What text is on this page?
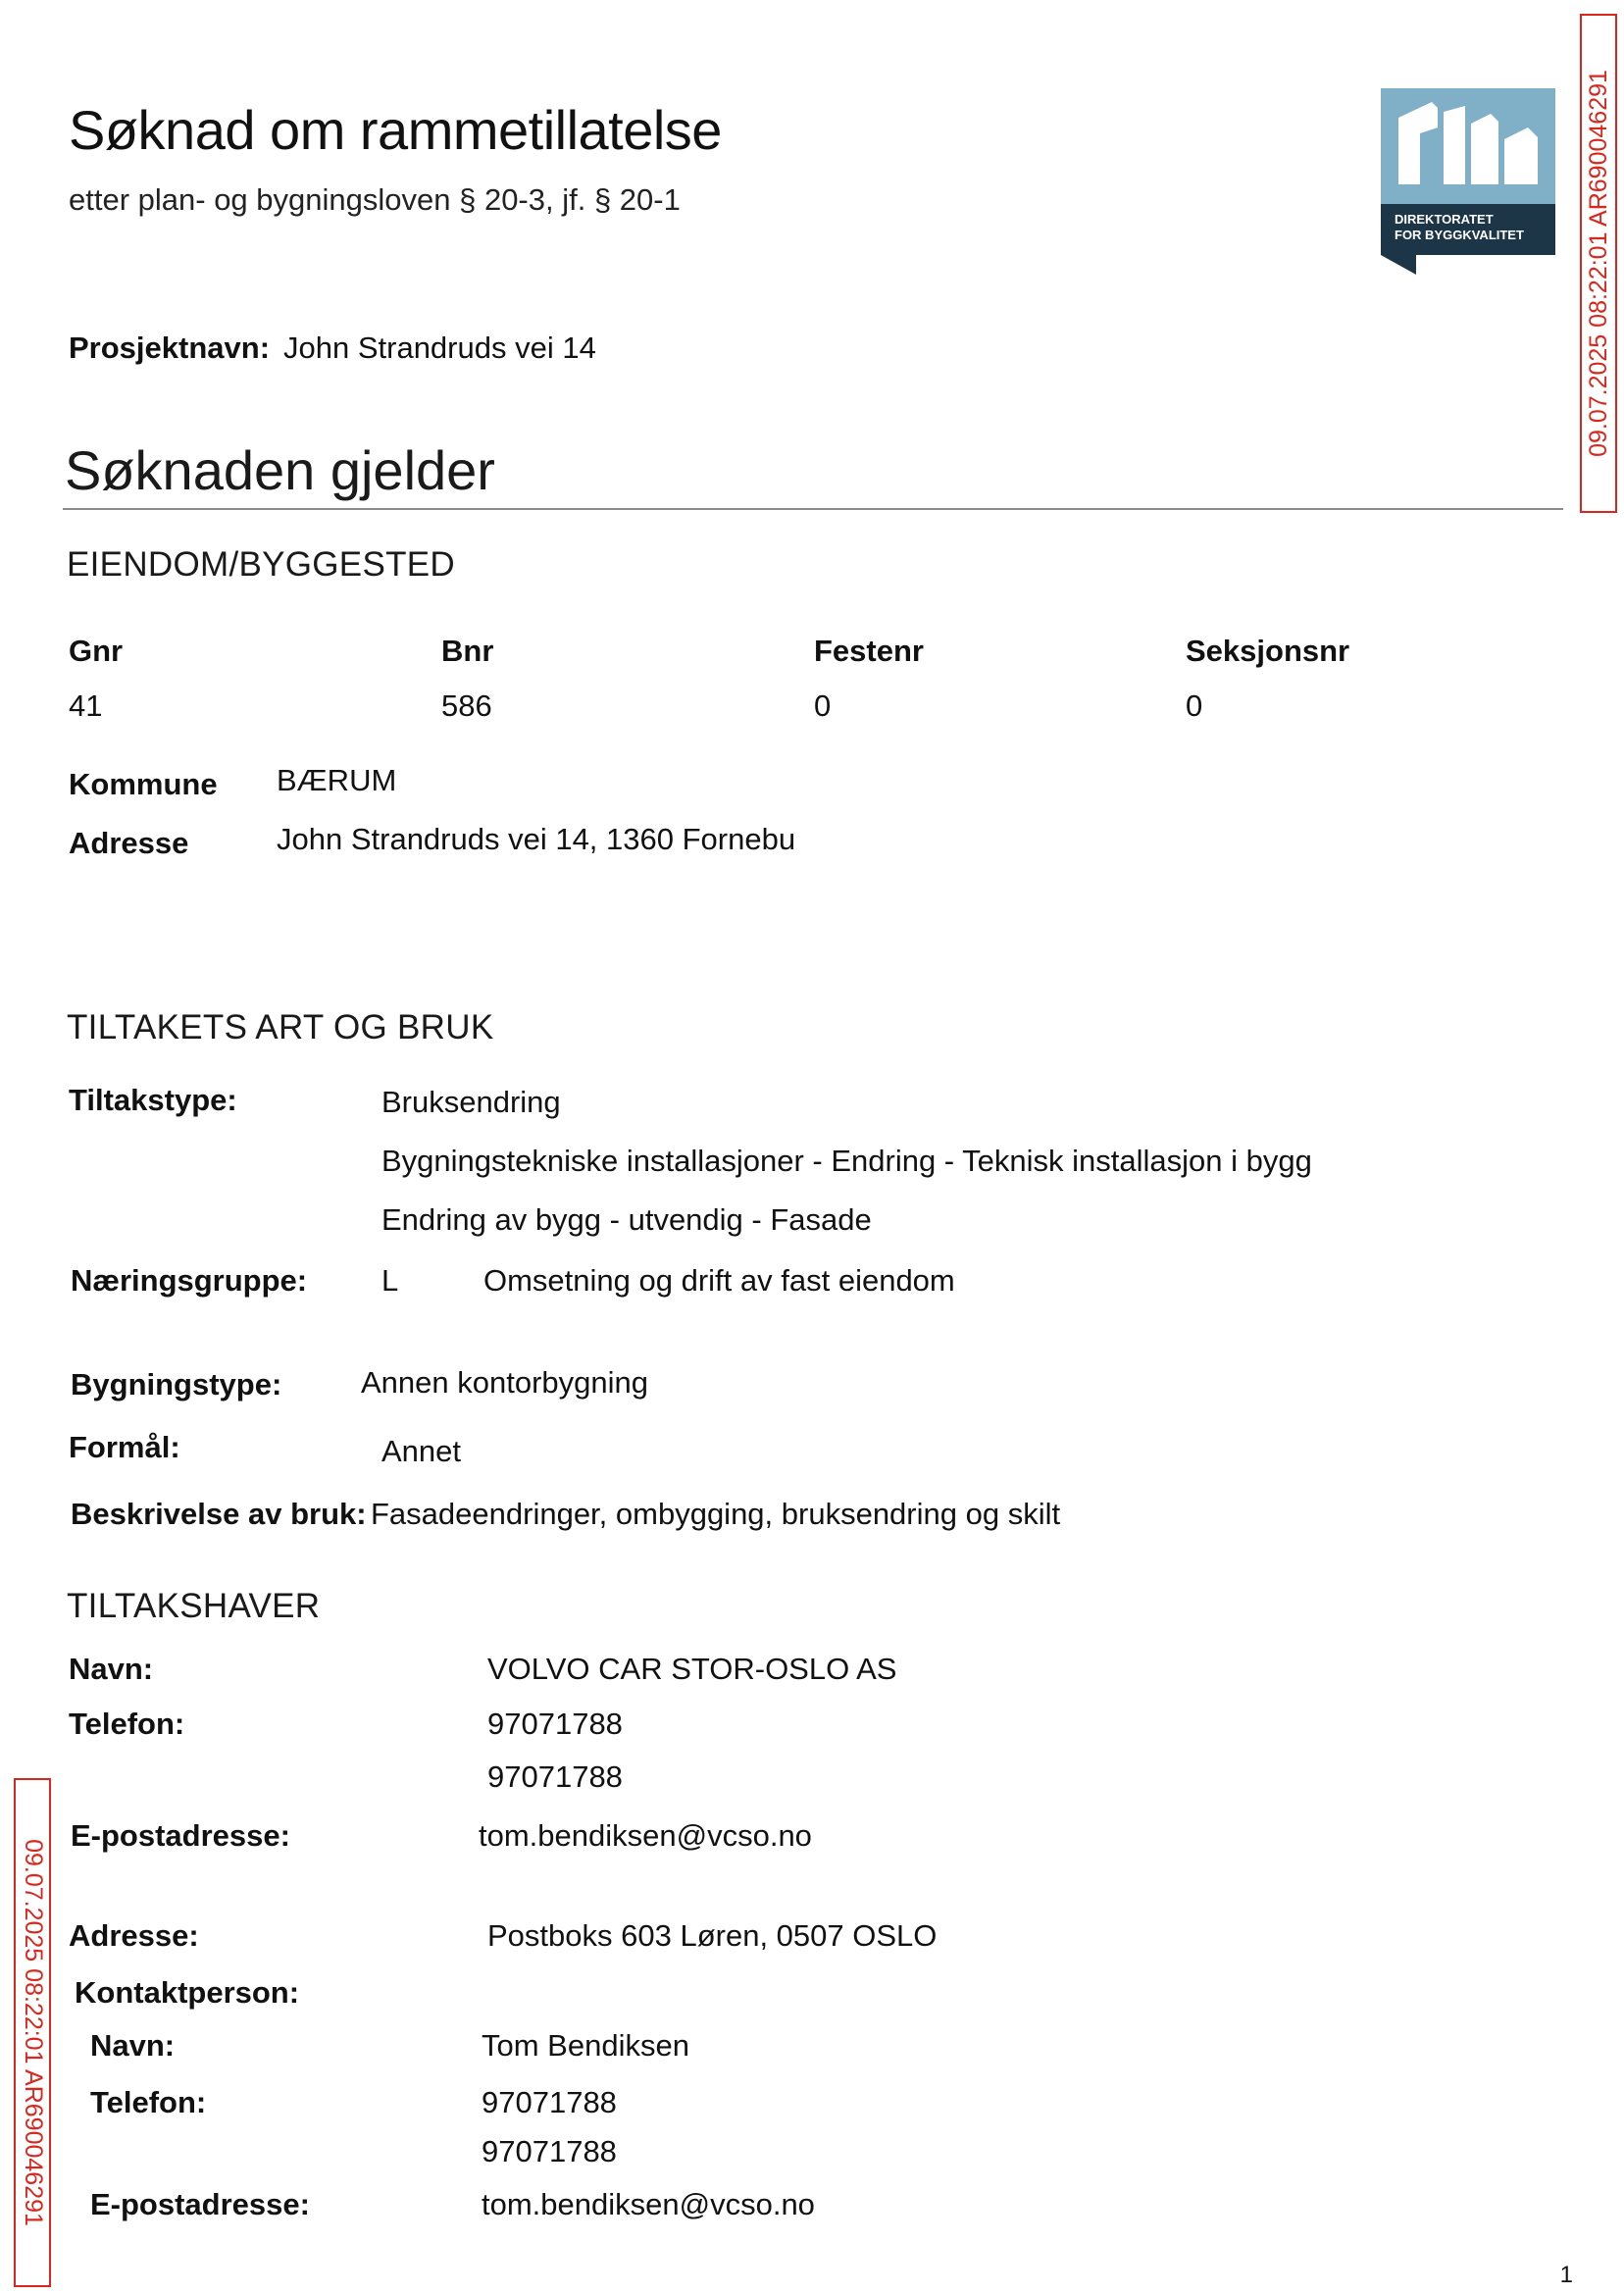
Søknad om rammetillatelse
etter plan- og bygningsloven § 20-3, jf. § 20-1
DIREKTORATET
FOR BYGGKVALITET 09.07.2025 08:22:01 AR690046291
Prosjektnavn: John Strandruds vei 14
Søknaden gjelder
EIENDOM/BYGGESTED
Gnr	Bnr	Festenr	Seksjonsnr
41	586	0	0
Kommune BÆRUM
Adresse	John Strandruds vei 14, 1360 Fornebu
TILTAKETS ART OG BRUK
Tiltakstype:	Bruksendring
Bygningstekniske installasjoner - Endring - Teknisk installasjon i bygg
Endring av bygg - utvendig - Fasade
Næringsgruppe: L	Omsetning og drift av fast eiendom
Bygningstype:	Annen kontorbygning
Formål:	Annet
Beskrivelse av bruk: Fasadeendringer, ombygging, bruksendring og skilt
TILTAKSHAVER
Navn:	VOLVO CAR STOR-OSLO AS
Telefon:	97071788
97071788
E-postadresse:	tom.bendiksen@vcso.no
Adresse:	Postboks 603 Løren, 0507 OSLO
Kontaktperson:
Navn:	Tom Bendiksen
Telefon:	97071788
97071788
E-postadresse:	tom.bendiksen@vcso.no
09.07.2025 08:22:01 AR690046291
1
